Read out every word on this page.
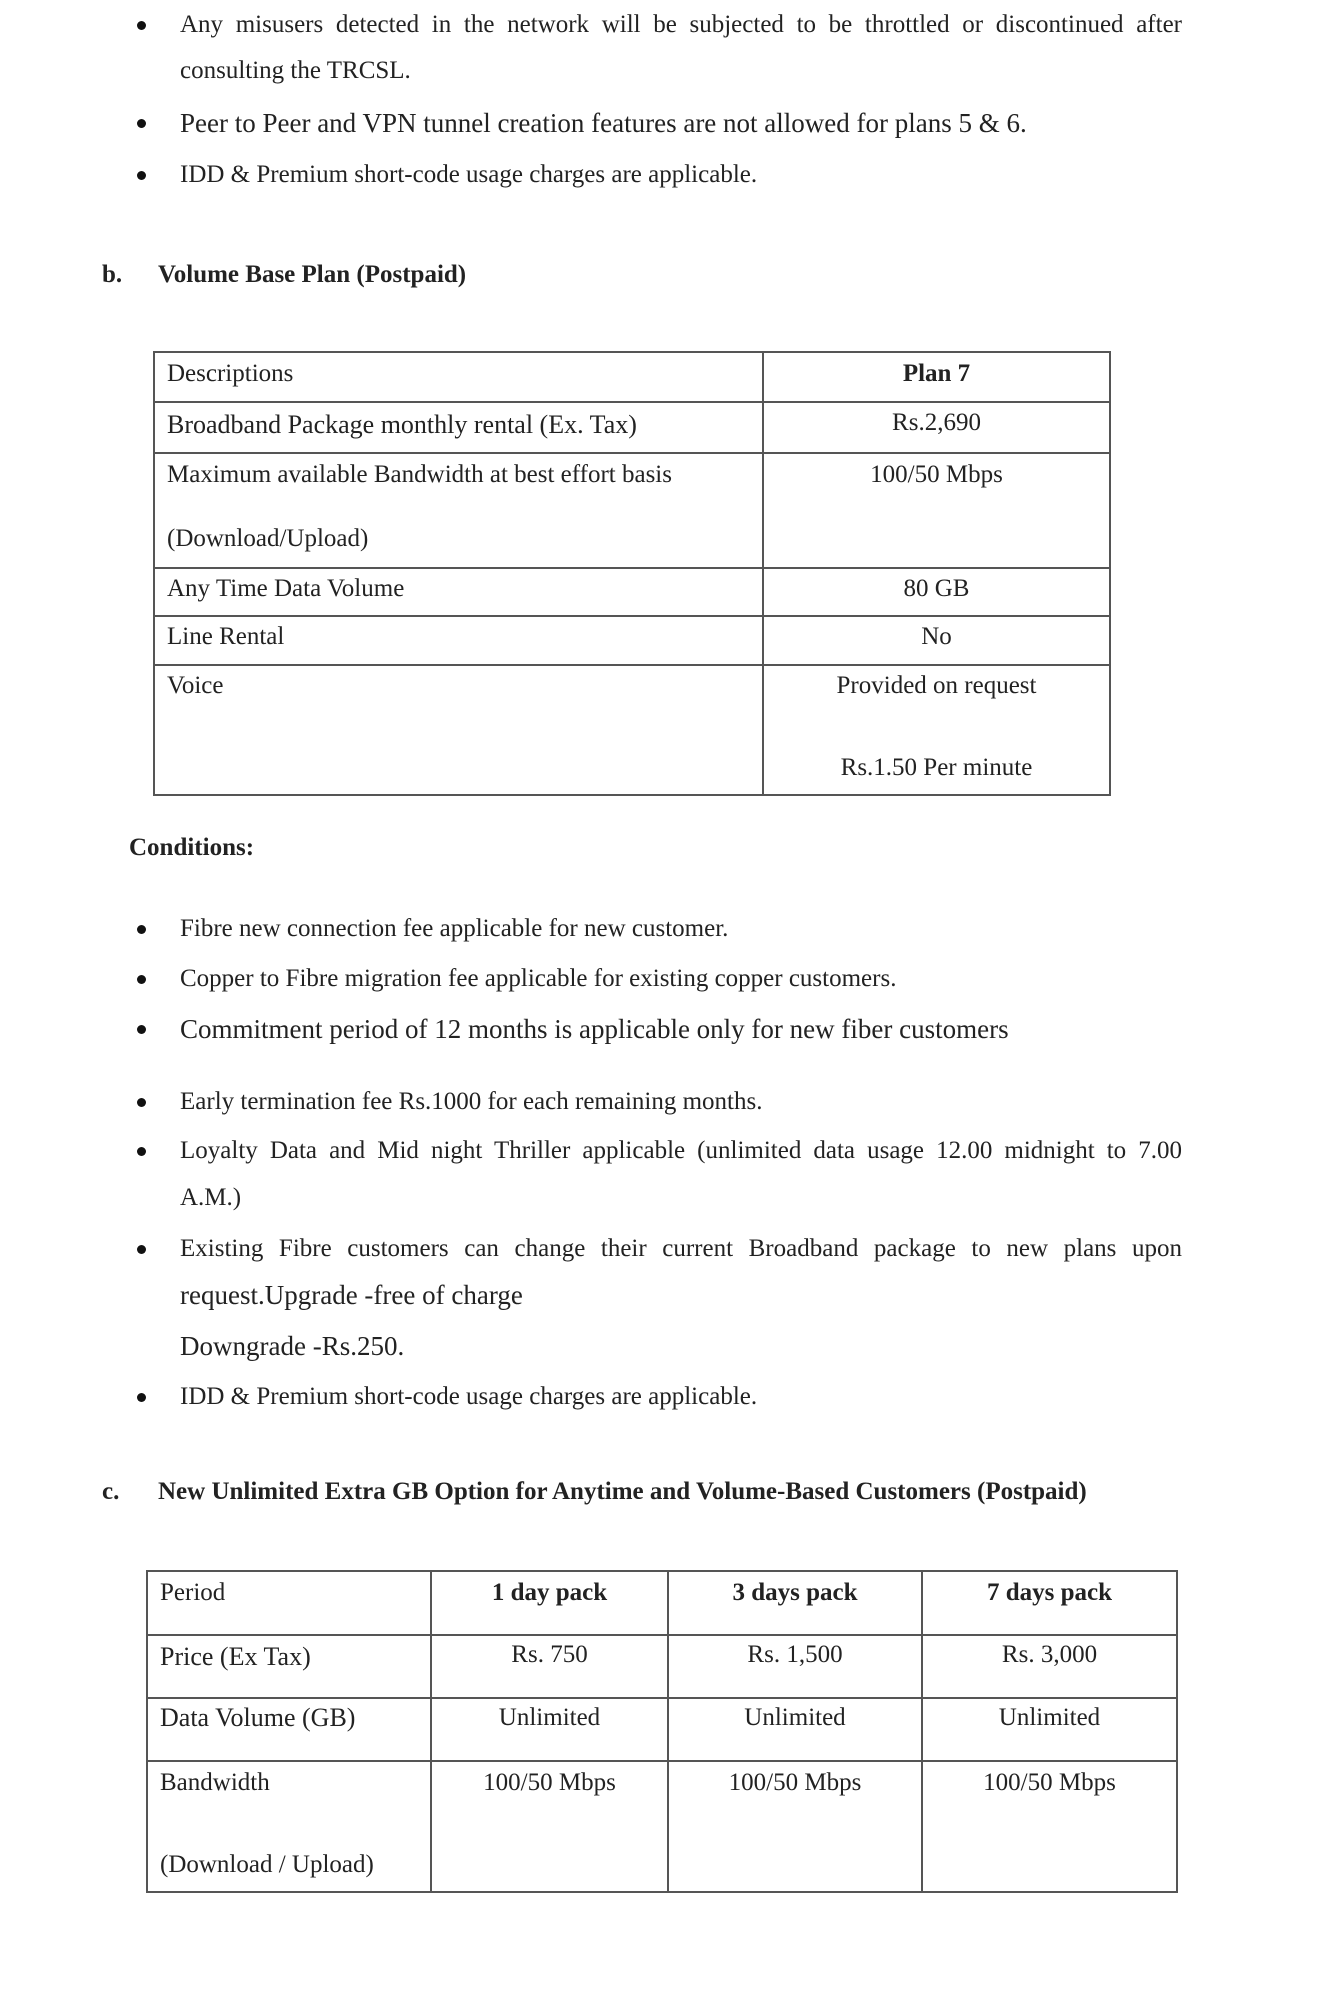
Any misusers detected in the network will be subjected to be throttled or discontinued after
consulting the TRCSL.
Peer to Peer and VPN tunnel creation features are not allowed for plans 5 & 6.
IDD & Premium short-code usage charges are applicable.
b. Volume Base Plan (Postpaid)
Descriptions	Plan 7
Broadband Package monthly rental (Ex. Tax)	Rs.2,690

Maximum available Bandwidth at best effort basis
(Download/Upload)	100/50 Mbps
Any Time Data Volume	80 GB
Line Rental	No
Voice	Provided on request
Rs.1.50 Per minute
Conditions:
Fibre new connection fee applicable for new customer.
Copper to Fibre migration fee applicable for existing copper customers.
Commitment period of 12 months is applicable only for new fiber customers
Early termination fee Rs.1000 for each remaining months.
Loyalty Data and Mid night Thriller applicable (unlimited data usage 12.00 midnight to 7.00
A.M.)
Existing Fibre customers can change their current Broadband package to new plans upon
request.Upgrade -free of charge
Downgrade -Rs.250.
IDD & Premium short-code usage charges are applicable.
c. New Unlimited Extra GB Option for Anytime and Volume-Based Customers (Postpaid)
Period	1 day pack	3 days pack	7 days pack
Price (Ex Tax)	Rs. 750	Rs. 1,500	Rs. 3,000
Data Volume (GB)	Unlimited	Unlimited	Unlimited

Bandwidth
(Download / Upload)	100/50 Mbps	100/50 Mbps	100/50 Mbps
